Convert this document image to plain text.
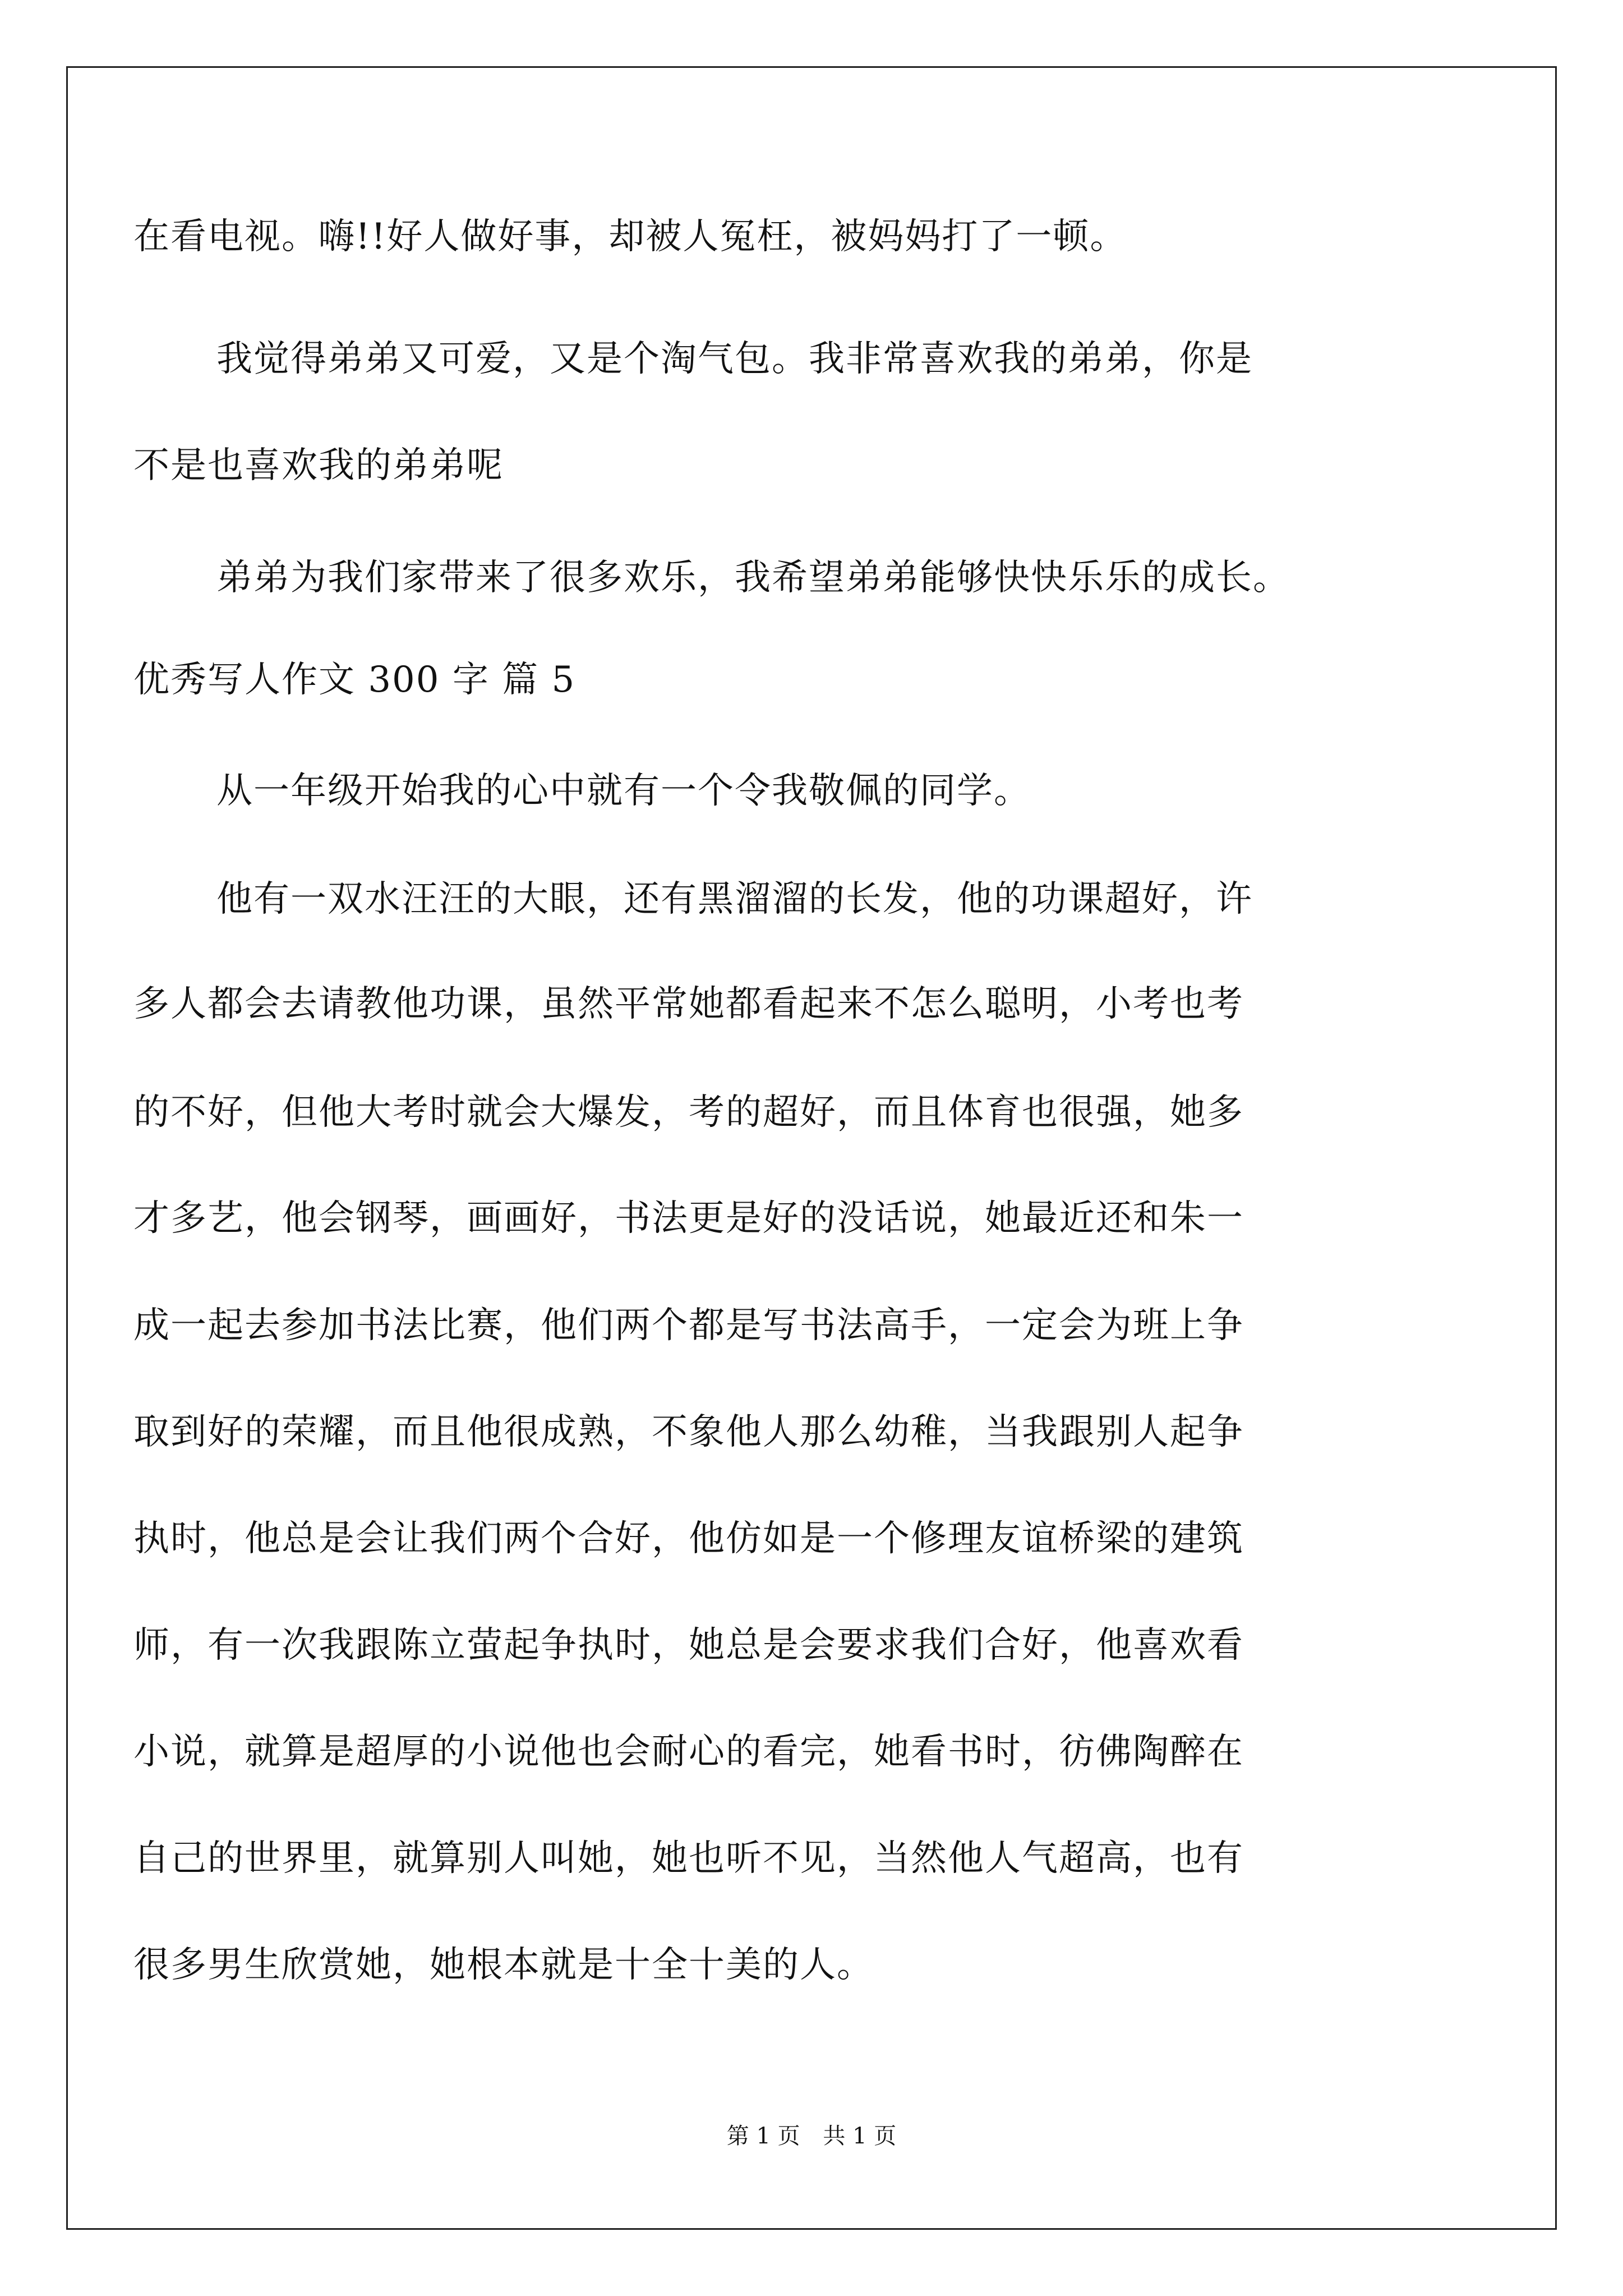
在看电视。嗨!!好人做好事，却被人冤枉，被妈妈打了一顿。
我觉得弟弟又可爱，又是个淘气包。我非常喜欢我的弟弟，你是
不是也喜欢我的弟弟呢
弟弟为我们家带来了很多欢乐，我希望弟弟能够快快乐乐的成长。
优秀写人作文 300 字 篇 5
从一年级开始我的心中就有一个令我敬佩的同学。
他有一双水汪汪的大眼，还有黑溜溜的长发，他的功课超好，许
多人都会去请教他功课，虽然平常她都看起来不怎么聪明，小考也考
的不好，但他大考时就会大爆发，考的超好，而且体育也很强，她多
才多艺，他会钢琴，画画好，书法更是好的没话说，她最近还和朱一
成一起去参加书法比赛，他们两个都是写书法高手，一定会为班上争
取到好的荣耀，而且他很成熟，不象他人那么幼稚，当我跟别人起争
执时，他总是会让我们两个合好，他仿如是一个修理友谊桥梁的建筑
师，有一次我跟陈立萤起争执时，她总是会要求我们合好，他喜欢看
小说，就算是超厚的小说他也会耐心的看完，她看书时，彷佛陶醉在
自己的世界里，就算别人叫她，她也听不见，当然他人气超高，也有
很多男生欣赏她，她根本就是十全十美的人。
第 1 页 共 1 页
